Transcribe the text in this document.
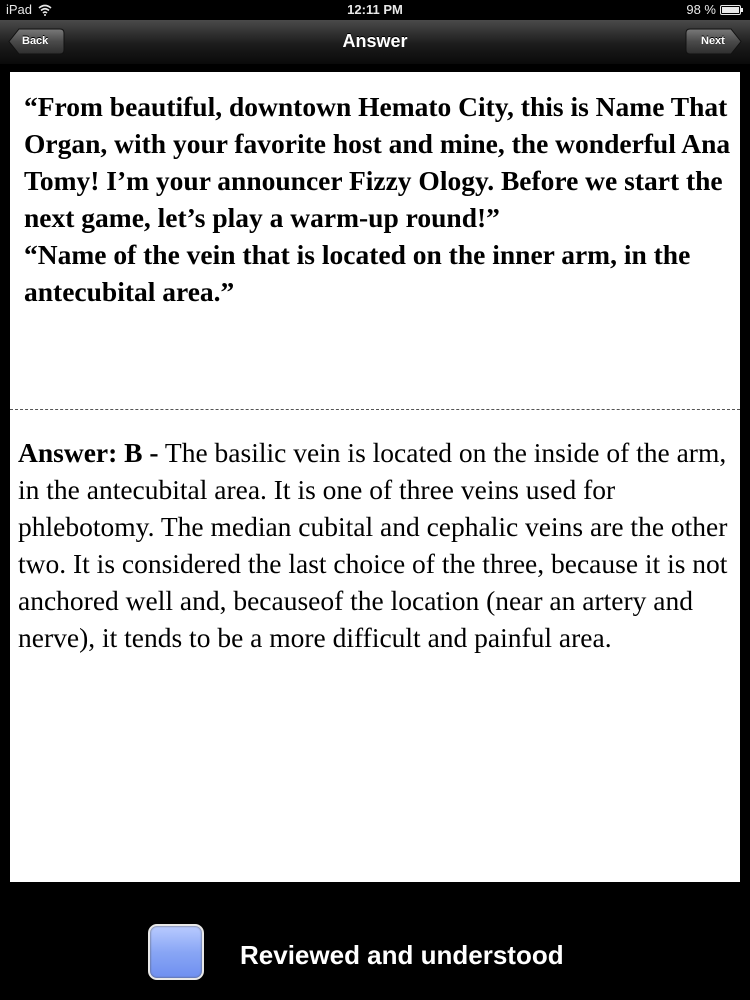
iPad	12:11 PM	98 %
Back	Answer	Next

“From beautiful, downtown Hemato City, this is Name That Organ, with your favorite host and mine, the wonderful Ana Tomy! I’m your announcer Fizzy Ology. Before we start the next game, let’s play a warm-up round!”

“Name of the vein that is located on the inner arm, in the antecubital area.”

Answer: B - The basilic vein is located on the inside of the arm, in the antecubital area. It is one of three veins used for phlebotomy. The median cubital and cephalic veins are the other two. It is considered the last choice of the three, because it is not anchored well and, becauseof the location (near an artery and nerve), it tends to be a more difficult and painful area.

Reviewed and understood
